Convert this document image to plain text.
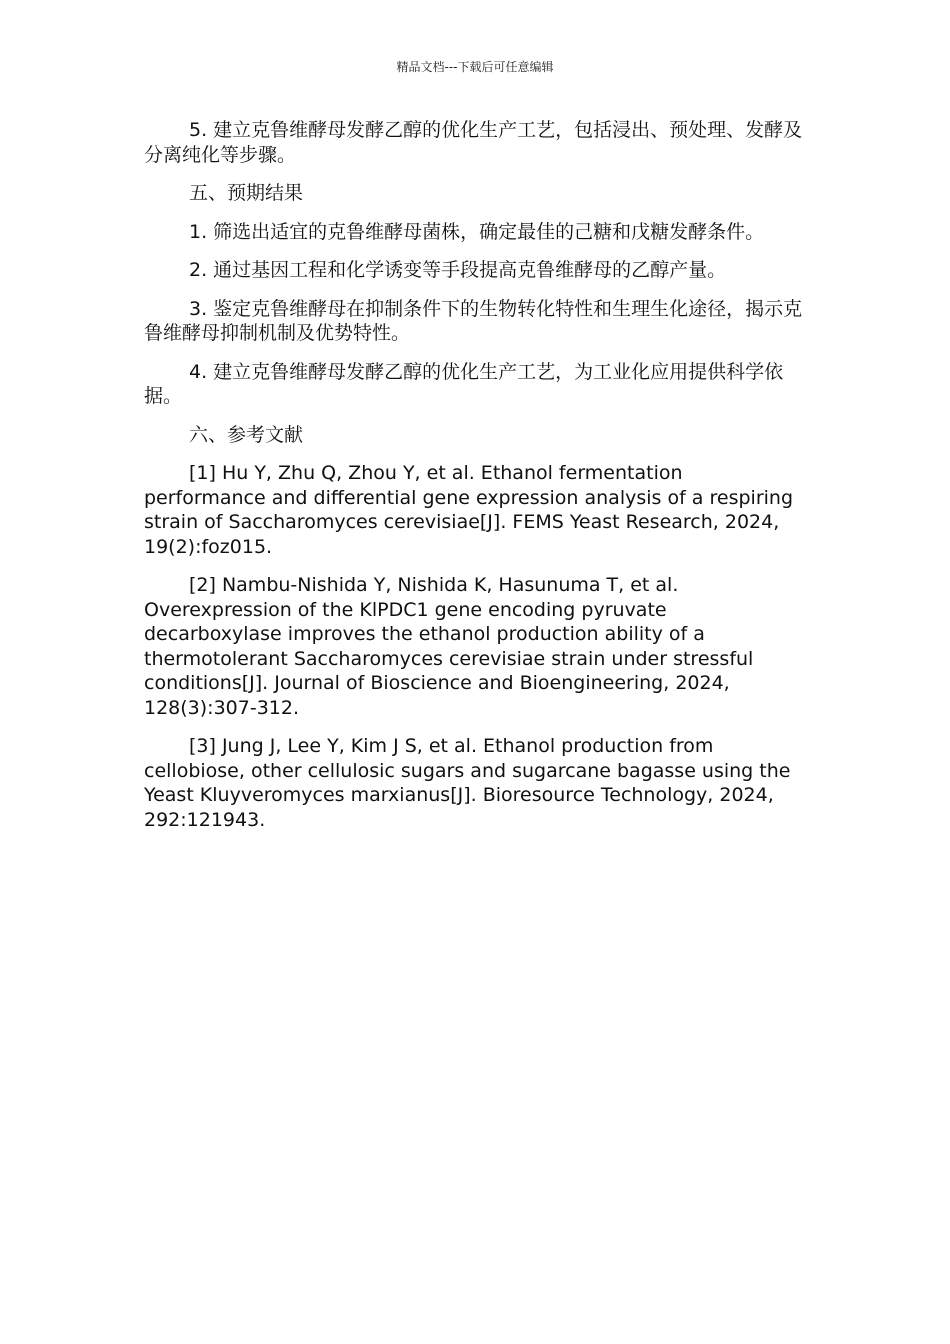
精品文档---下载后可任意编辑

5. 建立克鲁维酵母发酵乙醇的优化生产工艺，包括浸出、预处理、发酵及分离纯化等步骤。

五、预期结果

1. 筛选出适宜的克鲁维酵母菌株，确定最佳的己糖和戊糖发酵条件。

2. 通过基因工程和化学诱变等手段提高克鲁维酵母的乙醇产量。

3. 鉴定克鲁维酵母在抑制条件下的生物转化特性和生理生化途径，揭示克鲁维酵母抑制机制及优势特性。

4. 建立克鲁维酵母发酵乙醇的优化生产工艺，为工业化应用提供科学依据。

六、参考文献

[1] Hu Y, Zhu Q, Zhou Y, et al. Ethanol fermentation performance and differential gene expression analysis of a respiring strain of Saccharomyces cerevisiae[J]. FEMS Yeast Research, 2024, 19(2):foz015.

[2] Nambu-Nishida Y, Nishida K, Hasunuma T, et al. Overexpression of the KlPDC1 gene encoding pyruvate decarboxylase improves the ethanol production ability of a thermotolerant Saccharomyces cerevisiae strain under stressful conditions[J]. Journal of Bioscience and Bioengineering, 2024, 128(3):307-312.

[3] Jung J, Lee Y, Kim J S, et al. Ethanol production from cellobiose, other cellulosic sugars and sugarcane bagasse using the Yeast Kluyveromyces marxianus[J]. Bioresource Technology, 2024, 292:121943.
